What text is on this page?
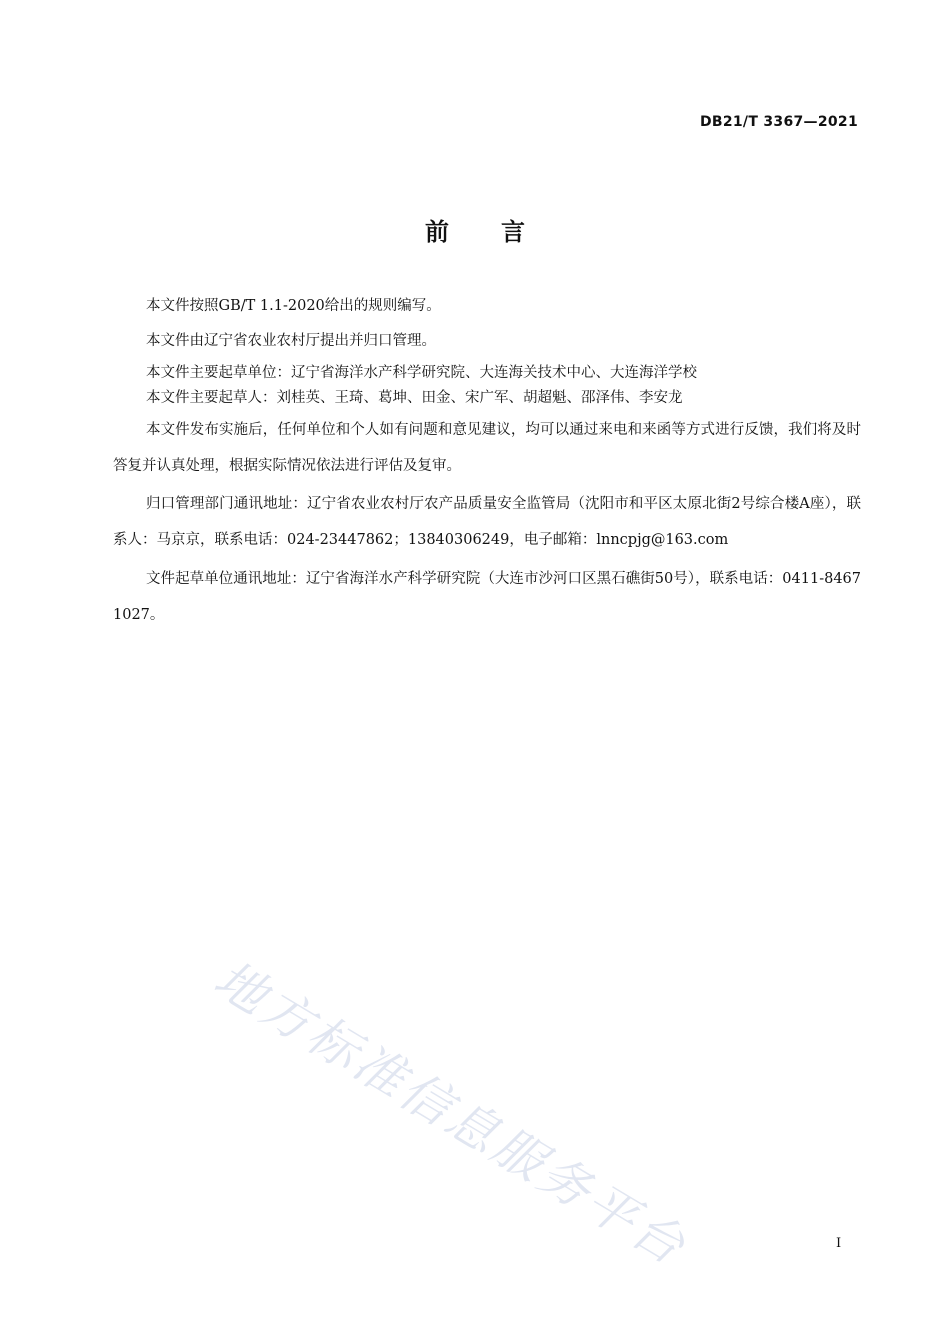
DB21/T 3367—2021
前言

本文件按照GB/T 1.1-2020给出的规则编写。

本文件由辽宁省农业农村厅提出并归口管理。

本文件主要起草单位：辽宁省海洋水产科学研究院、大连海关技术中心、大连海洋学校

本文件主要起草人：刘桂英、王琦、葛坤、田金、宋广军、胡超魁、邵泽伟、李安龙

本文件发布实施后，任何单位和个人如有问题和意见建议，均可以通过来电和来函等方式进行反馈，我们将及时答复并认真处理，根据实际情况依法进行评估及复审。

归口管理部门通讯地址：辽宁省农业农村厅农产品质量安全监管局（沈阳市和平区太原北街2号综合楼A座），联系人：马京京，联系电话：024-23447862；13840306249，电子邮箱：lnncpjg@163.com

文件起草单位通讯地址：辽宁省海洋水产科学研究院（大连市沙河口区黑石礁街50号），联系电话：0411-84671027。

地方标准信息服务平台	I
